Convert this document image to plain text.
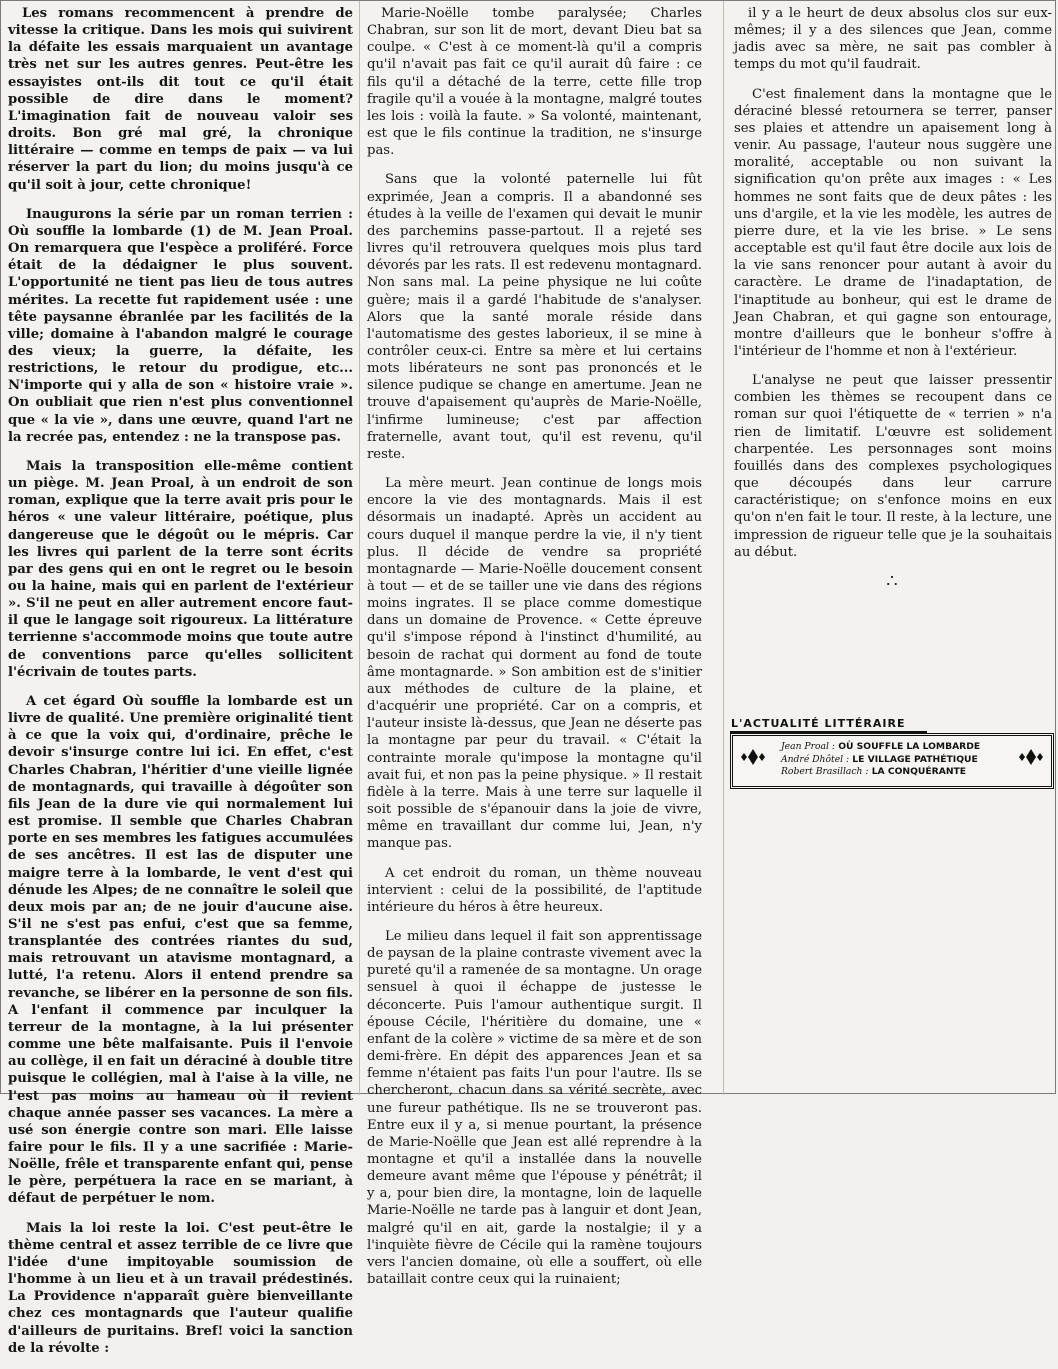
Les romans recommencent à prendre de vitesse la critique. Dans les mois qui suivirent la défaite les essais marquaient un avantage très net sur les autres genres. Peut-être les essayistes ont-ils dit tout ce qu'il était possible de dire dans le moment? L'imagination fait de nouveau valoir ses droits. Bon gré mal gré, la chronique littéraire — comme en temps de paix — va lui réserver la part du lion; du moins jusqu'à ce qu'il soit à jour, cette chronique!

Inaugurons la série par un roman terrien : Où souffle la lombarde (1) de M. Jean Proal. On remarquera que l'espèce a proliféré. Force était de la dédaigner le plus souvent. L'opportunité ne tient pas lieu de tous autres mérites. La recette fut rapidement usée : une tête paysanne ébranlée par les facilités de la ville; domaine à l'abandon malgré le courage des vieux; la guerre, la défaite, les restrictions, le retour du prodigue, etc... N'importe qui y alla de son « histoire vraie ». On oubliait que rien n'est plus conventionnel que « la vie », dans une œuvre, quand l'art ne la recrée pas, entendez : ne la transpose pas.

Mais la transposition elle-même contient un piège. M. Jean Proal, à un endroit de son roman, explique que la terre avait pris pour le héros « une valeur littéraire, poétique, plus dangereuse que le dégoût ou le mépris. Car les livres qui parlent de la terre sont écrits par des gens qui en ont le regret ou le besoin ou la haine, mais qui en parlent de l'extérieur ». S'il ne peut en aller autrement encore faut-il que le langage soit rigoureux. La littérature terrienne s'accommode moins que toute autre de conventions parce qu'elles sollicitent l'écrivain de toutes parts.

A cet égard Où souffle la lombarde est un livre de qualité. Une première originalité tient à ce que la voix qui, d'ordinaire, prêche le devoir s'insurge contre lui ici. En effet, c'est Charles Chabran, l'héritier d'une vieille lignée de montagnards, qui travaille à dégoûter son fils Jean de la dure vie qui normalement lui est promise. Il semble que Charles Chabran porte en ses membres les fatigues accumulées de ses ancêtres. Il est las de disputer une maigre terre à la lombarde, le vent d'est qui dénude les Alpes; de ne connaître le soleil que deux mois par an; de ne jouir d'aucune aise. S'il ne s'est pas enfui, c'est que sa femme, transplantée des contrées riantes du sud, mais retrouvant un atavisme montagnard, a lutté, l'a retenu. Alors il entend prendre sa revanche, se libérer en la personne de son fils. A l'enfant il commence par inculquer la terreur de la montagne, à la lui présenter comme une bête malfaisante. Puis il l'envoie au collège, il en fait un déraciné à double titre puisque le collégien, mal à l'aise à la ville, ne l'est pas moins au hameau où il revient chaque année passer ses vacances. La mère a usé son énergie contre son mari. Elle laisse faire pour le fils. Il y a une sacrifiée : Marie-Noëlle, frêle et transparente enfant qui, pense le père, perpétuera la race en se mariant, à défaut de perpétuer le nom.

Mais la loi reste la loi. C'est peut-être le thème central et assez terrible de ce livre que l'idée d'une impitoyable soumission de l'homme à un lieu et à un travail prédestinés. La Providence n'apparaît guère bienveillante chez ces montagnards que l'auteur qualifie d'ailleurs de puritains. Bref! voici la sanction de la révolte :

Marie-Noëlle tombe paralysée; Charles Chabran, sur son lit de mort, devant Dieu bat sa coulpe. « C'est à ce moment-là qu'il a compris qu'il n'avait pas fait ce qu'il aurait dû faire : ce fils qu'il a détaché de la terre, cette fille trop fragile qu'il a vouée à la montagne, malgré toutes les lois : voilà la faute. » Sa volonté, maintenant, est que le fils continue la tradition, ne s'insurge pas.

Sans que la volonté paternelle lui fût exprimée, Jean a compris. Il a abandonné ses études à la veille de l'examen qui devait le munir des parchemins passe-partout. Il a rejeté ses livres qu'il retrouvera quelques mois plus tard dévorés par les rats. Il est redevenu montagnard. Non sans mal. La peine physique ne lui coûte guère; mais il a gardé l'habitude de s'analyser. Alors que la santé morale réside dans l'automatisme des gestes laborieux, il se mine à contrôler ceux-ci. Entre sa mère et lui certains mots libérateurs ne sont pas prononcés et le silence pudique se change en amertume. Jean ne trouve d'apaisement qu'auprès de Marie-Noëlle, l'infirme lumineuse; c'est par affection fraternelle, avant tout, qu'il est revenu, qu'il reste.

La mère meurt. Jean continue de longs mois encore la vie des montagnards. Mais il est désormais un inadapté. Après un accident au cours duquel il manque perdre la vie, il n'y tient plus. Il décide de vendre sa propriété montagnarde — Marie-Noëlle doucement consent à tout — et de se tailler une vie dans des régions moins ingrates. Il se place comme domestique dans un domaine de Provence. « Cette épreuve qu'il s'impose répond à l'instinct d'humilité, au besoin de rachat qui dorment au fond de toute âme montagnarde. » Son ambition est de s'initier aux méthodes de culture de la plaine, et d'acquérir une propriété. Car on a compris, et l'auteur insiste là-dessus, que Jean ne déserte pas la montagne par peur du travail. « C'était la contrainte morale qu'impose la montagne qu'il avait fui, et non pas la peine physique. » Il restait fidèle à la terre. Mais à une terre sur laquelle il soit possible de s'épanouir dans la joie de vivre, même en travaillant dur comme lui, Jean, n'y manque pas.

A cet endroit du roman, un thème nouveau intervient : celui de la possibilité, de l'aptitude intérieure du héros à être heureux.

Le milieu dans lequel il fait son apprentissage de paysan de la plaine contraste vivement avec la pureté qu'il a ramenée de sa montagne. Un orage sensuel à quoi il échappe de justesse le déconcerte. Puis l'amour authentique surgit. Il épouse Cécile, l'héritière du domaine, une « enfant de la colère » victime de sa mère et de son demi-frère. En dépit des apparences Jean et sa femme n'étaient pas faits l'un pour l'autre. Ils se chercheront, chacun dans sa vérité secrète, avec une fureur pathétique. Ils ne se trouveront pas. Entre eux il y a, si menue pourtant, la présence de Marie-Noëlle que Jean est allé reprendre à la montagne et qu'il a installée dans la nouvelle demeure avant même que l'épouse y pénétrât; il y a, pour bien dire, la montagne, loin de laquelle Marie-Noëlle ne tarde pas à languir et dont Jean, malgré qu'il en ait, garde la nostalgie; il y a l'inquiète fièvre de Cécile qui la ramène toujours vers l'ancien domaine, où elle a souffert, où elle bataillait contre ceux qui la ruinaient;

il y a le heurt de deux absolus clos sur eux-mêmes; il y a des silences que Jean, comme jadis avec sa mère, ne sait pas combler à temps du mot qu'il faudrait.

C'est finalement dans la montagne que le déraciné blessé retournera se terrer, panser ses plaies et attendre un apaisement long à venir. Au passage, l'auteur nous suggère une moralité, acceptable ou non suivant la signification qu'on prête aux images : « Les hommes ne sont faits que de deux pâtes : les uns d'argile, et la vie les modèle, les autres de pierre dure, et la vie les brise. » Le sens acceptable est qu'il faut être docile aux lois de la vie sans renoncer pour autant à avoir du caractère. Le drame de l'inadaptation, de l'inaptitude au bonheur, qui est le drame de Jean Chabran, et qui gagne son entourage, montre d'ailleurs que le bonheur s'offre à l'intérieur de l'homme et non à l'extérieur.

L'analyse ne peut que laisser pressentir combien les thèmes se recoupent dans ce roman sur quoi l'étiquette de « terrien » n'a rien de limitatif. L'œuvre est solidement charpentée. Les personnages sont moins fouillés dans des complexes psychologiques que découpés dans leur carrure caractéristique; on s'enfonce moins en eux qu'on n'en fait le tour. Il reste, à la lecture, une impression de rigueur telle que je la souhaitais au début.

∴
L'ACTUALITÉ LITTÉRAIRE
Jean Proal : OÙ SOUFFLE LA LOMBARDE
André Dhôtel : LE VILLAGE PATHÉTIQUE
Robert Brasillach : LA CONQUÉRANTE
